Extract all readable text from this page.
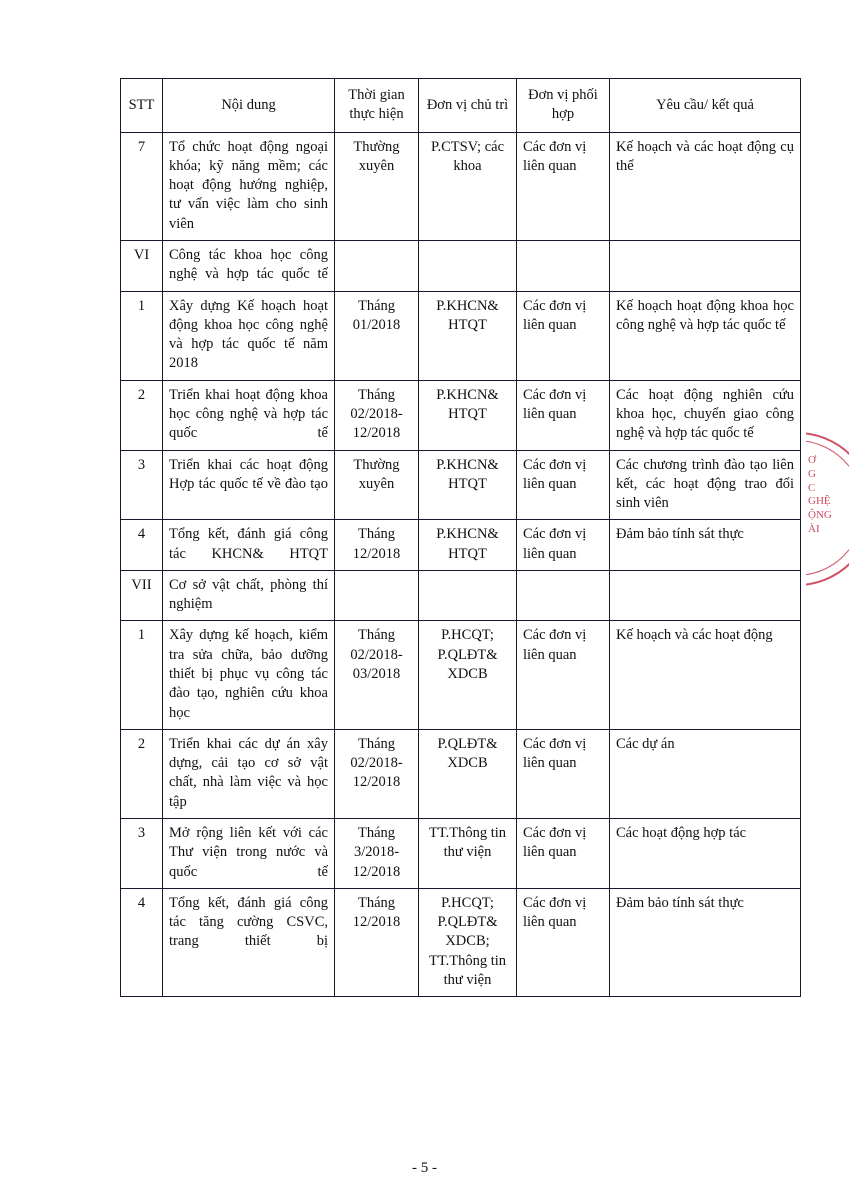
STT	Nội dung	Thời gian thực hiện	Đơn vị chủ trì	Đơn vị phối hợp	Yêu cầu/ kết quả
7	Tổ chức hoạt động ngoại khóa; kỹ năng mềm; các hoạt động hướng nghiệp, tư vấn việc làm cho sinh viên	Thường xuyên	P.CTSV; các khoa	Các đơn vị liên quan	Kế hoạch và các hoạt động cụ thể
VI	Công tác khoa học công nghệ và hợp tác quốc tế				
1	Xây dựng Kế hoạch hoạt động khoa học công nghệ và hợp tác quốc tế năm 2018	Tháng 01/2018	P.KHCN& HTQT	Các đơn vị liên quan	Kế hoạch hoạt động khoa học công nghệ và hợp tác quốc tế
2	Triển khai hoạt động khoa học công nghệ và hợp tác quốc tế	Tháng 02/2018-12/2018	P.KHCN& HTQT	Các đơn vị liên quan	Các hoạt động nghiên cứu khoa học, chuyển giao công nghệ và hợp tác quốc tế
3	Triển khai các hoạt động Hợp tác quốc tế về đào tạo	Thường xuyên	P.KHCN& HTQT	Các đơn vị liên quan	Các chương trình đào tạo liên kết, các hoạt động trao đổi sinh viên
4	Tổng kết, đánh giá công tác KHCN& HTQT	Tháng 12/2018	P.KHCN& HTQT	Các đơn vị liên quan	Đảm bảo tính sát thực
VII	Cơ sở vật chất, phòng thí nghiệm				
1	Xây dựng kế hoạch, kiểm tra sửa chữa, bảo dưỡng thiết bị phục vụ công tác đào tạo, nghiên cứu khoa học	Tháng 02/2018-03/2018	P.HCQT; P.QLĐT& XDCB	Các đơn vị liên quan	Kế hoạch và các hoạt động
2	Triển khai các dự án xây dựng, cải tạo cơ sở vật chất, nhà làm việc và học tập	Tháng 02/2018-12/2018	P.QLĐT& XDCB	Các đơn vị liên quan	Các dự án
3	Mở rộng liên kết với các Thư viện trong nước và quốc tế	Tháng 3/2018-12/2018	TT.Thông tin thư viện	Các đơn vị liên quan	Các hoạt động hợp tác
4	Tổng kết, đánh giá công tác tăng cường CSVC, trang thiết bị	Tháng 12/2018	P.HCQT; P.QLĐT& XDCB; TT.Thông tin thư viện	Các đơn vị liên quan	Đảm bảo tính sát thực
Ơ
G
C
GHỆ
ỘNG
ÀI
- 5 -
